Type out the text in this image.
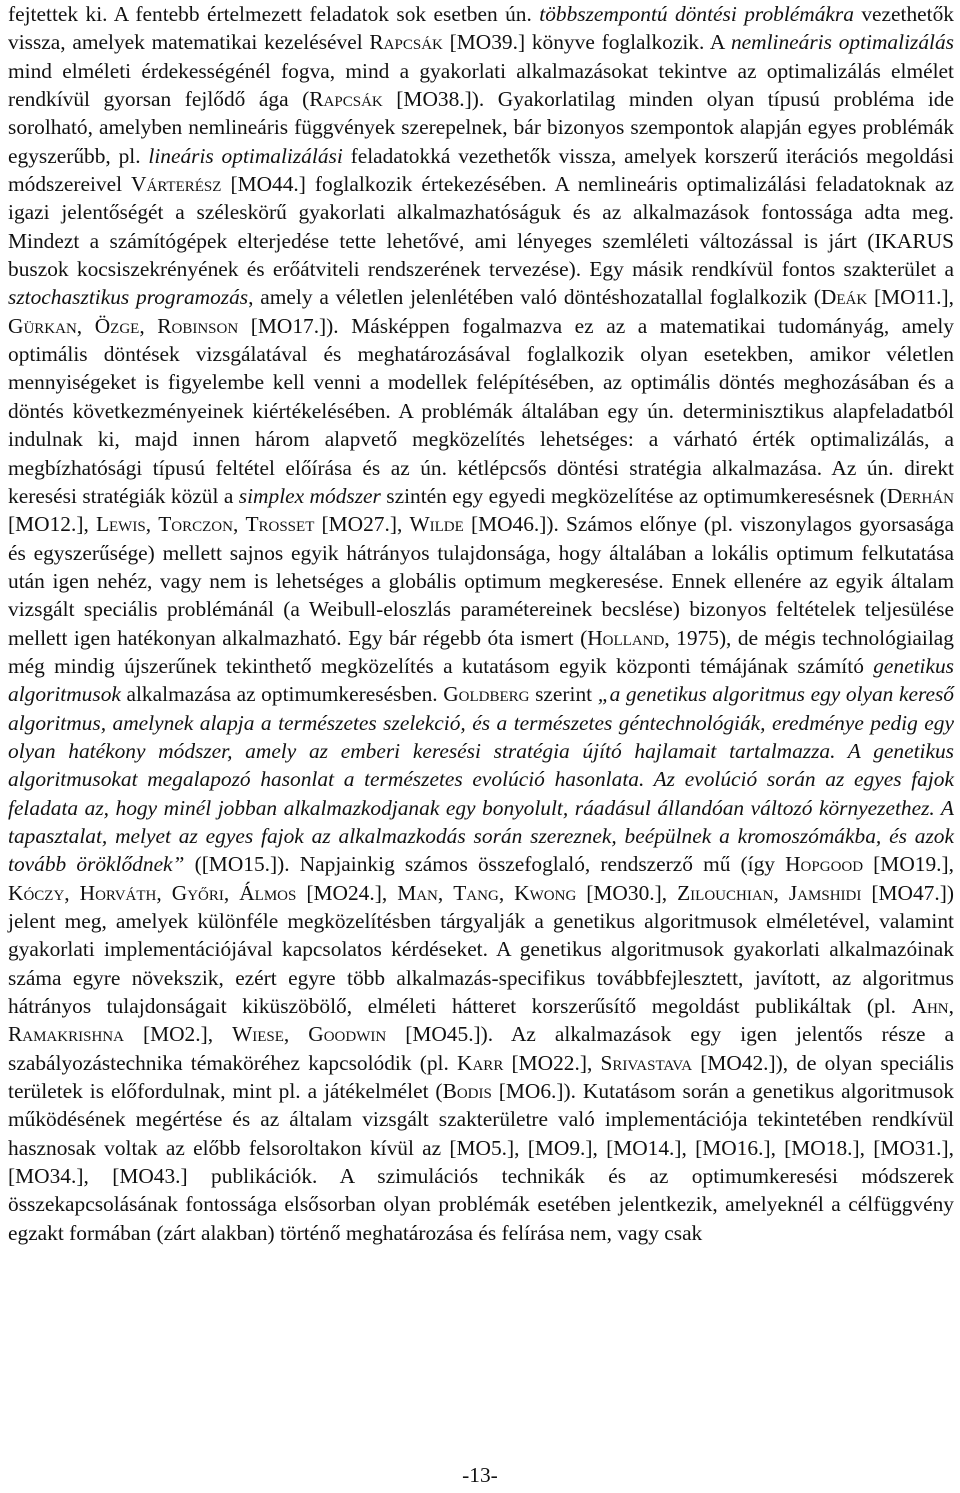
fejtettek ki. A fentebb értelmezett feladatok sok esetben ún. többszempontú döntési problémákra vezethetők vissza, amelyek matematikai kezelésével Rapcsák [MO39.] könyve foglalkozik. A nemlineáris optimalizálás mind elméleti érdekességénél fogva, mind a gyakorlati alkalmazásokat tekintve az optimalizálás elmélet rendkívül gyorsan fejlődő ága (Rapcsák [MO38.]). Gyakorlatilag minden olyan típusú probléma ide sorolható, amelyben nemlineáris függvények szerepelnek, bár bizonyos szempontok alapján egyes problémák egyszerűbb, pl. lineáris optimalizálási feladatokká vezethetők vissza, amelyek korszerű iterációs megoldási módszereivel Várterész [MO44.] foglalkozik értekezésében. A nemlineáris optimalizálási feladatoknak az igazi jelentőségét a széleskörű gyakorlati alkalmazhatóságuk és az alkalmazások fontossága adta meg. Mindezt a számítógépek elterjedése tette lehetővé, ami lényeges szemléleti változással is járt (IKARUS buszok kocsiszekrényének és erőátviteli rendszerének tervezése). Egy másik rendkívül fontos szakterület a sztochasztikus programozás, amely a véletlen jelenlétében való döntéshozatallal foglalkozik (Deák [MO11.], Gürkan, Özge, Robinson [MO17.]). Másképpen fogalmazva ez az a matematikai tudományág, amely optimális döntések vizsgálatával és meghatározásával foglalkozik olyan esetekben, amikor véletlen mennyiségeket is figyelembe kell venni a modellek felépítésében, az optimális döntés meghozásában és a döntés következményeinek kiértékelésében. A problémák általában egy ún. determinisztikus alapfeladatból indulnak ki, majd innen három alapvető megközelítés lehetséges: a várható érték optimalizálás, a megbízhatósági típusú feltétel előírása és az ún. kétlépcsős döntési stratégia alkalmazása. Az ún. direkt keresési stratégiák közül a simplex módszer szintén egy egyedi megközelítése az optimumkeresésnek (Derhán [MO12.], Lewis, Torczon, Trosset [MO27.], Wilde [MO46.]). Számos előnye (pl. viszonylagos gyorsasága és egyszerűsége) mellett sajnos egyik hátrányos tulajdonsága, hogy általában a lokális optimum felkutatása után igen nehéz, vagy nem is lehetséges a globális optimum megkeresése. Ennek ellenére az egyik általam vizsgált speciális problémánál (a Weibull-eloszlás paramétereinek becslése) bizonyos feltételek teljesülése mellett igen hatékonyan alkalmazható. Egy bár régebb óta ismert (Holland, 1975), de mégis technológiailag még mindig újszerűnek tekinthető megközelítés a kutatásom egyik központi témájának számító genetikus algoritmusok alkalmazása az optimumkeresésben. Goldberg szerint „a genetikus algoritmus egy olyan kereső algoritmus, amelynek alapja a természetes szelekció, és a természetes géntechnológiák, eredménye pedig egy olyan hatékony módszer, amely az emberi keresési stratégia újító hajlamait tartalmazza. A genetikus algoritmusokat megalapozó hasonlat a természetes evolúció hasonlata. Az evolúció során az egyes fajok feladata az, hogy minél jobban alkalmazkodjanak egy bonyolult, ráadásul állandóan változó környezethez. A tapasztalat, melyet az egyes fajok az alkalmazkodás során szereznek, beépülnek a kromoszómákba, és azok tovább öröklődnek” ([MO15.]). Napjainkig számos összefoglaló, rendszerző mű (így Hopgood [MO19.], Kóczy, Horváth, Győri, Álmos [MO24.], Man, Tang, Kwong [MO30.], Zilouchian, Jamshidi [MO47.]) jelent meg, amelyek különféle megközelítésben tárgyalják a genetikus algoritmusok elméletével, valamint gyakorlati implementációjával kapcsolatos kérdéseket. A genetikus algoritmusok gyakorlati alkalmazóinak száma egyre növekszik, ezért egyre több alkalmazás-specifikus továbbfejlesztett, javított, az algoritmus hátrányos tulajdonságait kiküszöbölő, elméleti hátteret korszerűsítő megoldást publikáltak (pl. Ahn, Ramakrishna [MO2.], Wiese, Goodwin [MO45.]). Az alkalmazások egy igen jelentős része a szabályozástechnika témaköréhez kapcsolódik (pl. Karr [MO22.], Srivastava [MO42.]), de olyan speciális területek is előfordulnak, mint pl. a játékelmélet (Bodis [MO6.]). Kutatásom során a genetikus algoritmusok működésének megértése és az általam vizsgált szakterületre való implementációja tekintetében rendkívül hasznosak voltak az előbb felsoroltakon kívül az [MO5.], [MO9.], [MO14.], [MO16.], [MO18.], [MO31.], [MO34.], [MO43.] publikációk. A szimulációs technikák és az optimumkeresési módszerek összekapcsolásának fontossága elsősorban olyan problémák esetében jelentkezik, amelyeknél a célfüggvény egzakt formában (zárt alakban) történő meghatározása és felírása nem, vagy csak

-13-
